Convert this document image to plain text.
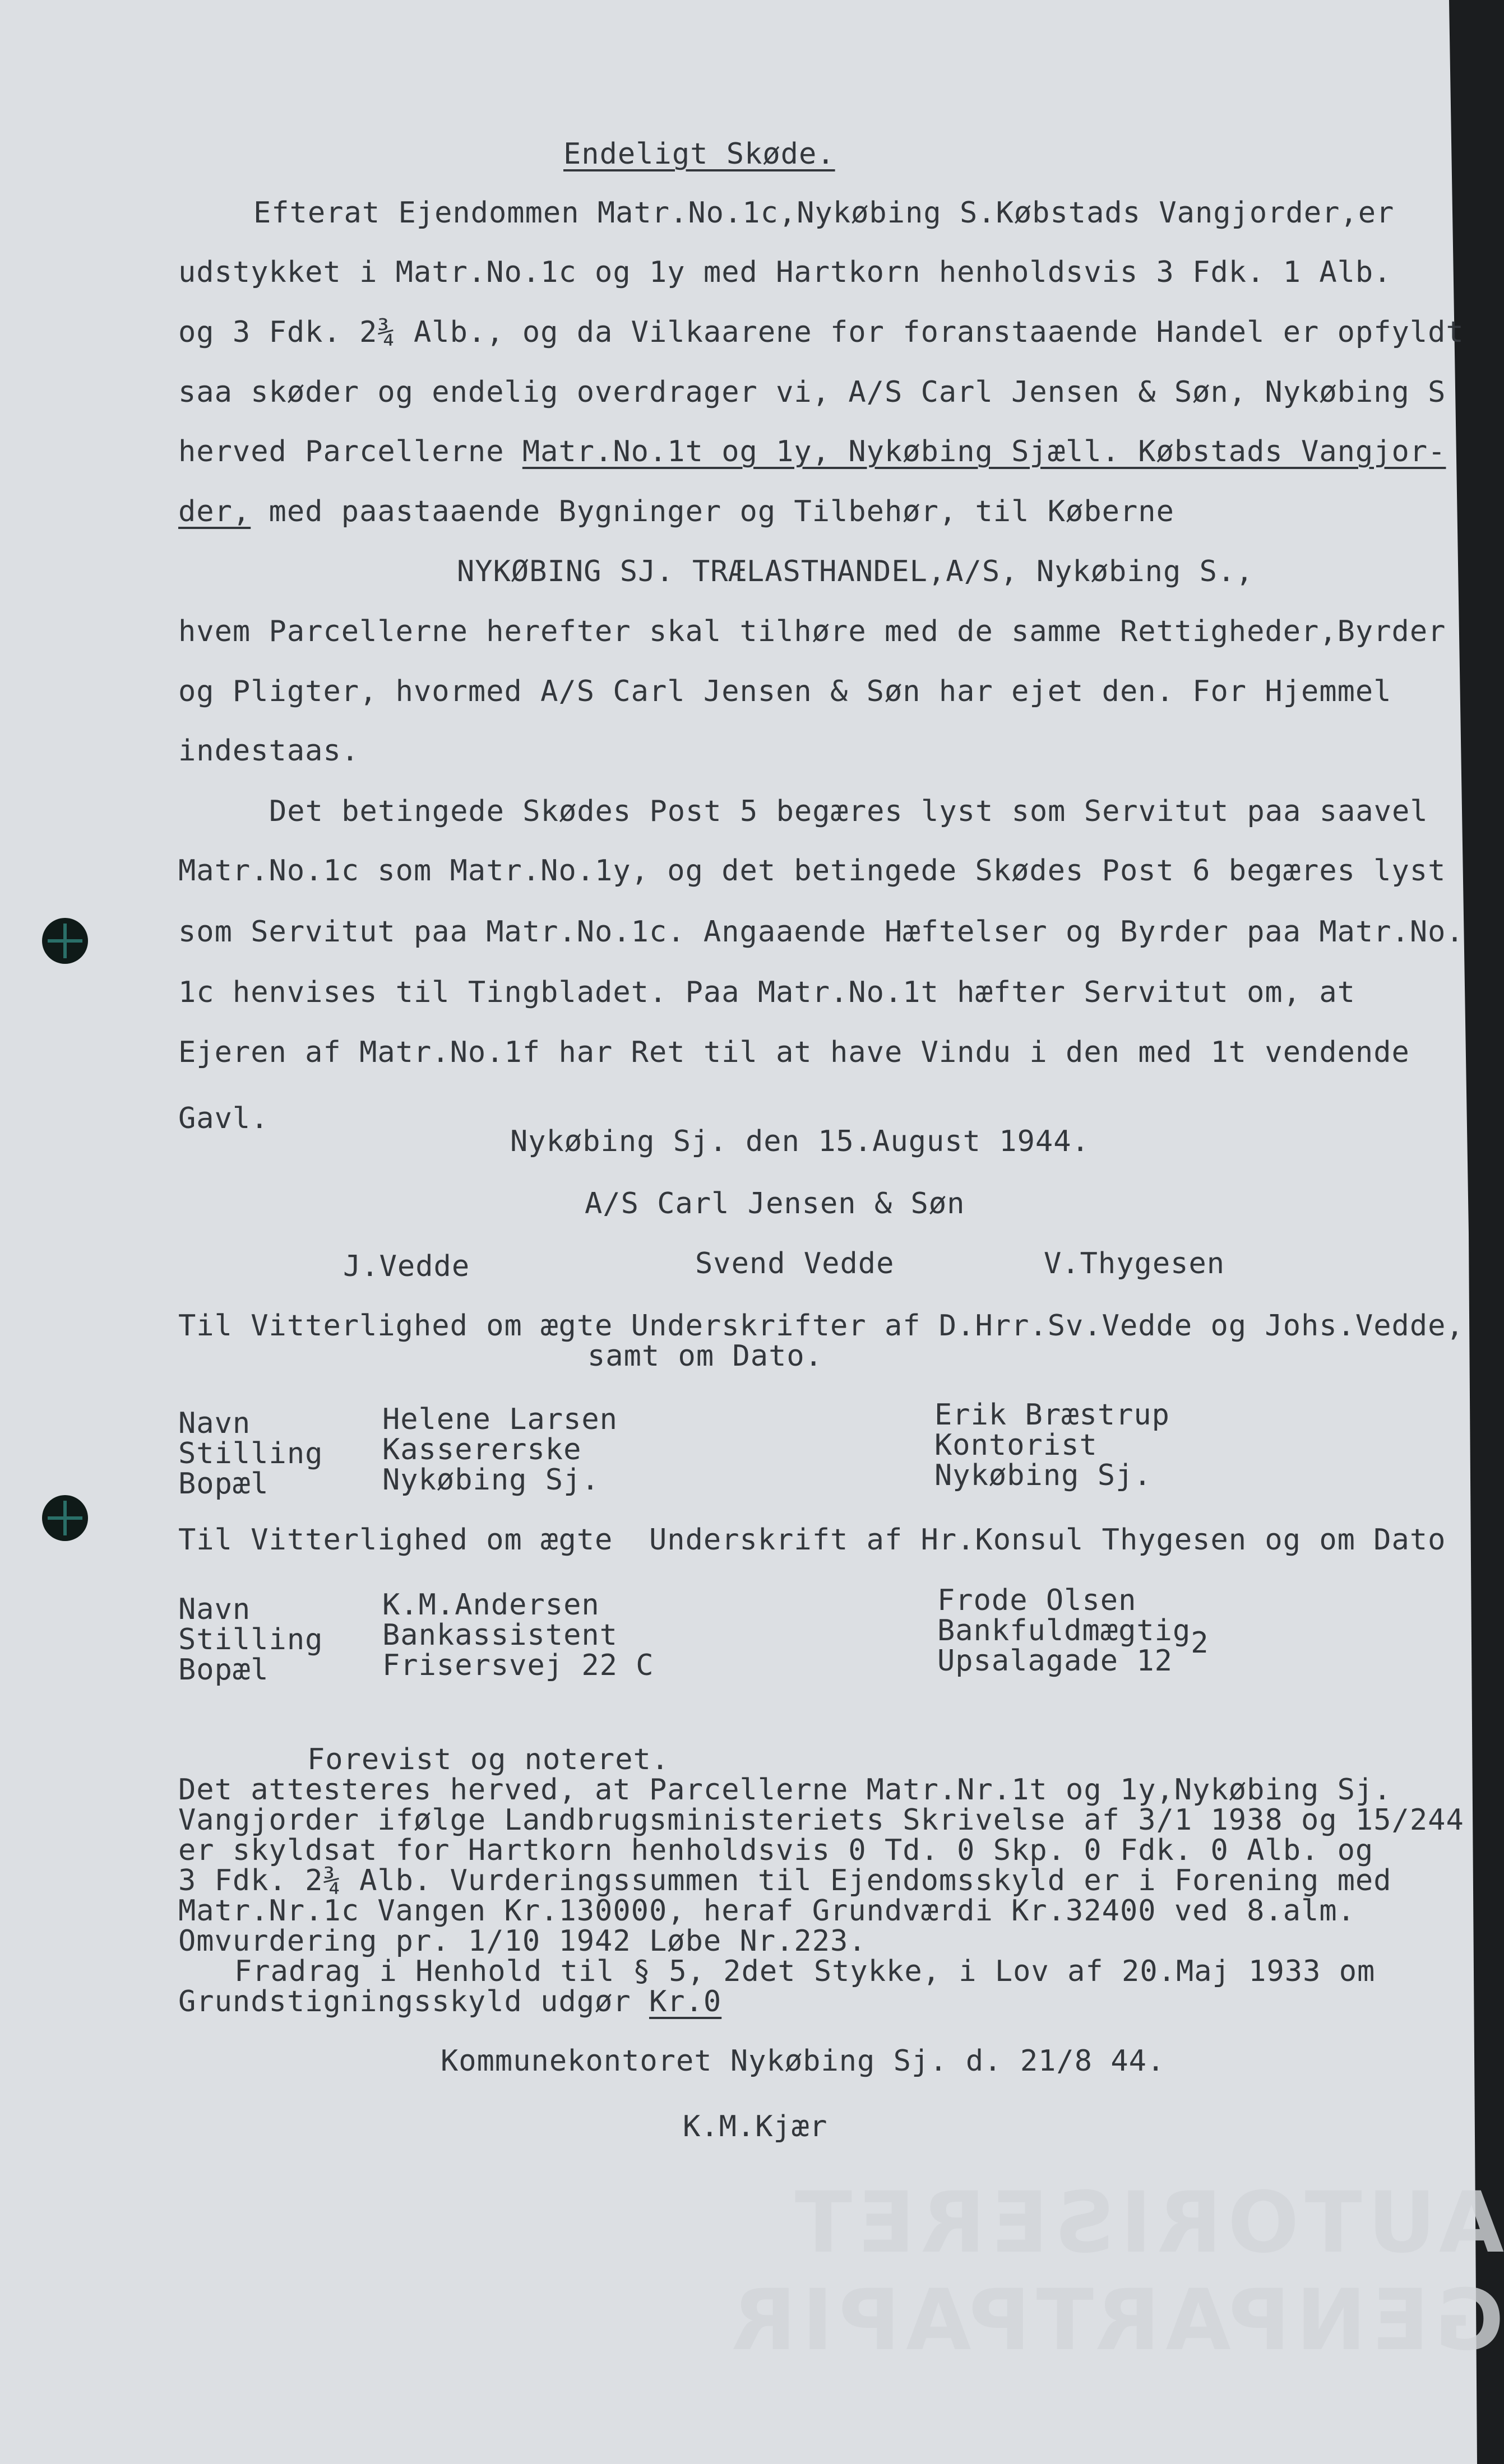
AUTORISERET GENPARTPAPIR
Endeligt Skøde.
Efterat Ejendommen Matr.No.1c,Nykøbing S.Købstads Vangjorder,er
udstykket i Matr.No.1c og 1y med Hartkorn henholdsvis 3 Fdk. 1 Alb.
og 3 Fdk. 2¾ Alb., og da Vilkaarene for foranstaaende Handel er opfyldt
saa skøder og endelig overdrager vi, A/S Carl Jensen & Søn, Nykøbing S
herved Parcellerne Matr.No.1t og 1y, Nykøbing Sjæll. Købstads Vangjor-
der, med paastaaende Bygninger og Tilbehør, til Køberne
NYKØBING SJ. TRÆLASTHANDEL,A/S, Nykøbing S.,
hvem Parcellerne herefter skal tilhøre med de samme Rettigheder,Byrder
og Pligter, hvormed A/S Carl Jensen & Søn har ejet den. For Hjemmel
indestaas.
Det betingede Skødes Post 5 begæres lyst som Servitut paa saavel
Matr.No.1c som Matr.No.1y, og det betingede Skødes Post 6 begæres lyst
som Servitut paa Matr.No.1c. Angaaende Hæftelser og Byrder paa Matr.No.
1c henvises til Tingbladet. Paa Matr.No.1t hæfter Servitut om, at
Ejeren af Matr.No.1f har Ret til at have Vindu i den med 1t vendende
Gavl.
Nykøbing Sj. den 15.August 1944.
A/S Carl Jensen & Søn
J.Vedde	Svend Vedde	V.Thygesen
Til Vitterlighed om ægte Underskrifter af D.Hrr.Sv.Vedde og Johs.Vedde,
samt om Dato.
Navn
Stilling
Bopæl
Helene Larsen
Kassererske
Nykøbing Sj.
Erik Bræstrup
Kontorist
Nykøbing Sj.
Til Vitterlighed om ægte  Underskrift af Hr.Konsul Thygesen og om Dato
Navn
Stilling
Bopæl
K.M.Andersen
Bankassistent
Frisersvej 22 C
Frode Olsen
Bankfuldmægtig2
Upsalagade 12
Forevist og noteret.
Det attesteres herved, at Parcellerne Matr.Nr.1t og 1y,Nykøbing Sj.
Vangjorder ifølge Landbrugsministeriets Skrivelse af 3/1 1938 og 15/244
er skyldsat for Hartkorn henholdsvis 0 Td. 0 Skp. 0 Fdk. 0 Alb. og
3 Fdk. 2¾ Alb. Vurderingssummen til Ejendomsskyld er i Forening med
Matr.Nr.1c Vangen Kr.130000, heraf Grundværdi Kr.32400 ved 8.alm.
Omvurdering pr. 1/10 1942 Løbe Nr.223.
Fradrag i Henhold til § 5, 2det Stykke, i Lov af 20.Maj 1933 om
Grundstigningsskyld udgør Kr.0
Kommunekontoret Nykøbing Sj. d. 21/8 44.
K.M.Kjær
